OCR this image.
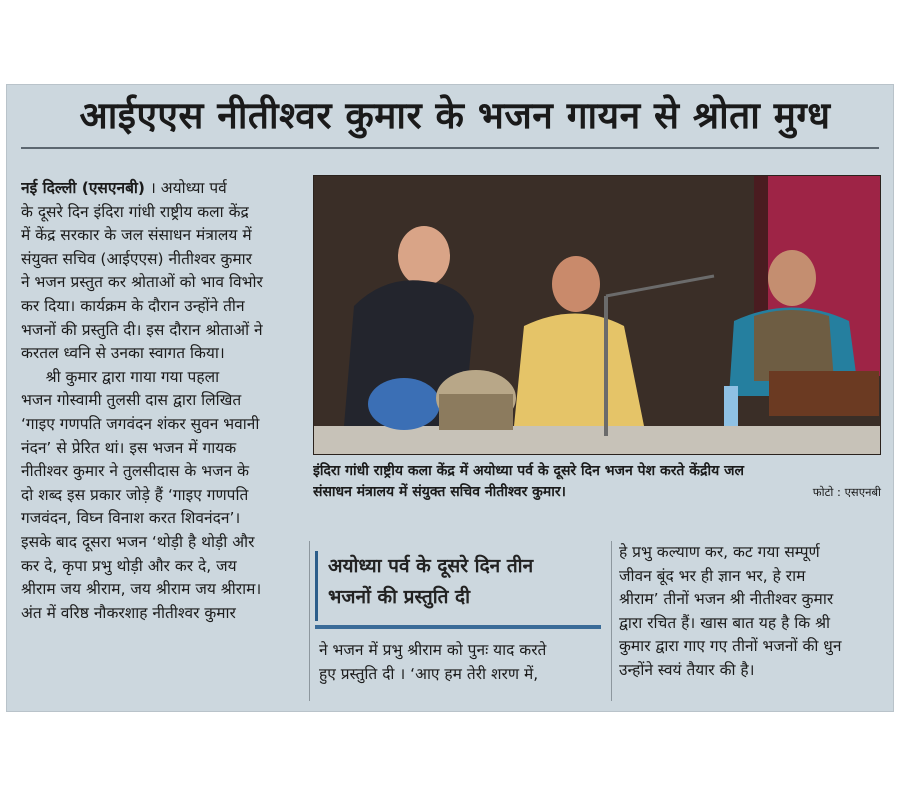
आईएएस नीतीश्वर कुमार के भजन गायन से श्रोता मुग्ध

नई दिल्ली (एसएनबी) । अयोध्या पर्व

के दूसरे दिन इंदिरा गांधी राष्ट्रीय कला केंद्र

में केंद्र सरकार के जल संसाधन मंत्रालय में

संयुक्त सचिव (आईएएस) नीतीश्वर कुमार

ने भजन प्रस्तुत कर श्रोताओं को भाव विभोर

कर दिया। कार्यक्रम के दौरान उन्होंने तीन

भजनों की प्रस्तुति दी। इस दौरान श्रोताओं ने

करतल ध्वनि से उनका स्वागत किया।

श्री कुमार द्वारा गाया गया पहला

भजन गोस्वामी तुलसी दास द्वारा लिखित

‘गाइए गणपति जगवंदन शंकर सुवन भवानी

नंदन’ से प्रेरित थां। इस भजन में गायक

नीतीश्वर कुमार ने तुलसीदास के भजन के

दो शब्द इस प्रकार जोड़े हैं ‘गाइए गणपति

गजवंदन, विघ्न विनाश करत शिवनंदन’।

इसके बाद दूसरा भजन ‘थोड़ी है थोड़ी और

कर दे, कृपा प्रभु थोड़ी और कर दे, जय

श्रीराम जय श्रीराम, जय श्रीराम जय श्रीराम।

अंत में वरिष्ठ नौकरशाह नीतीश्वर कुमार

इंदिरा गांधी राष्ट्रीय कला केंद्र में अयोध्या पर्व के दूसरे दिन भजन पेश करते केंद्रीय जल

संसाधन मंत्रालय में संयुक्त सचिव नीतीश्वर कुमार।	फोटो : एसएनबी

अयोध्या पर्व के दूसरे दिन तीन

भजनों की प्रस्तुति दी

ने भजन में प्रभु श्रीराम को पुनः याद करते

हुए प्रस्तुति दी । ‘आए हम तेरी शरण में,

हे प्रभु कल्याण कर, कट गया सम्पूर्ण

जीवन बूंद भर ही ज्ञान भर, हे राम

श्रीराम’ तीनों भजन श्री नीतीश्वर कुमार

द्वारा रचित हैं। खास बात यह है कि श्री

कुमार द्वारा गाए गए तीनों भजनों की धुन

उन्होंने स्वयं तैयार की है।
